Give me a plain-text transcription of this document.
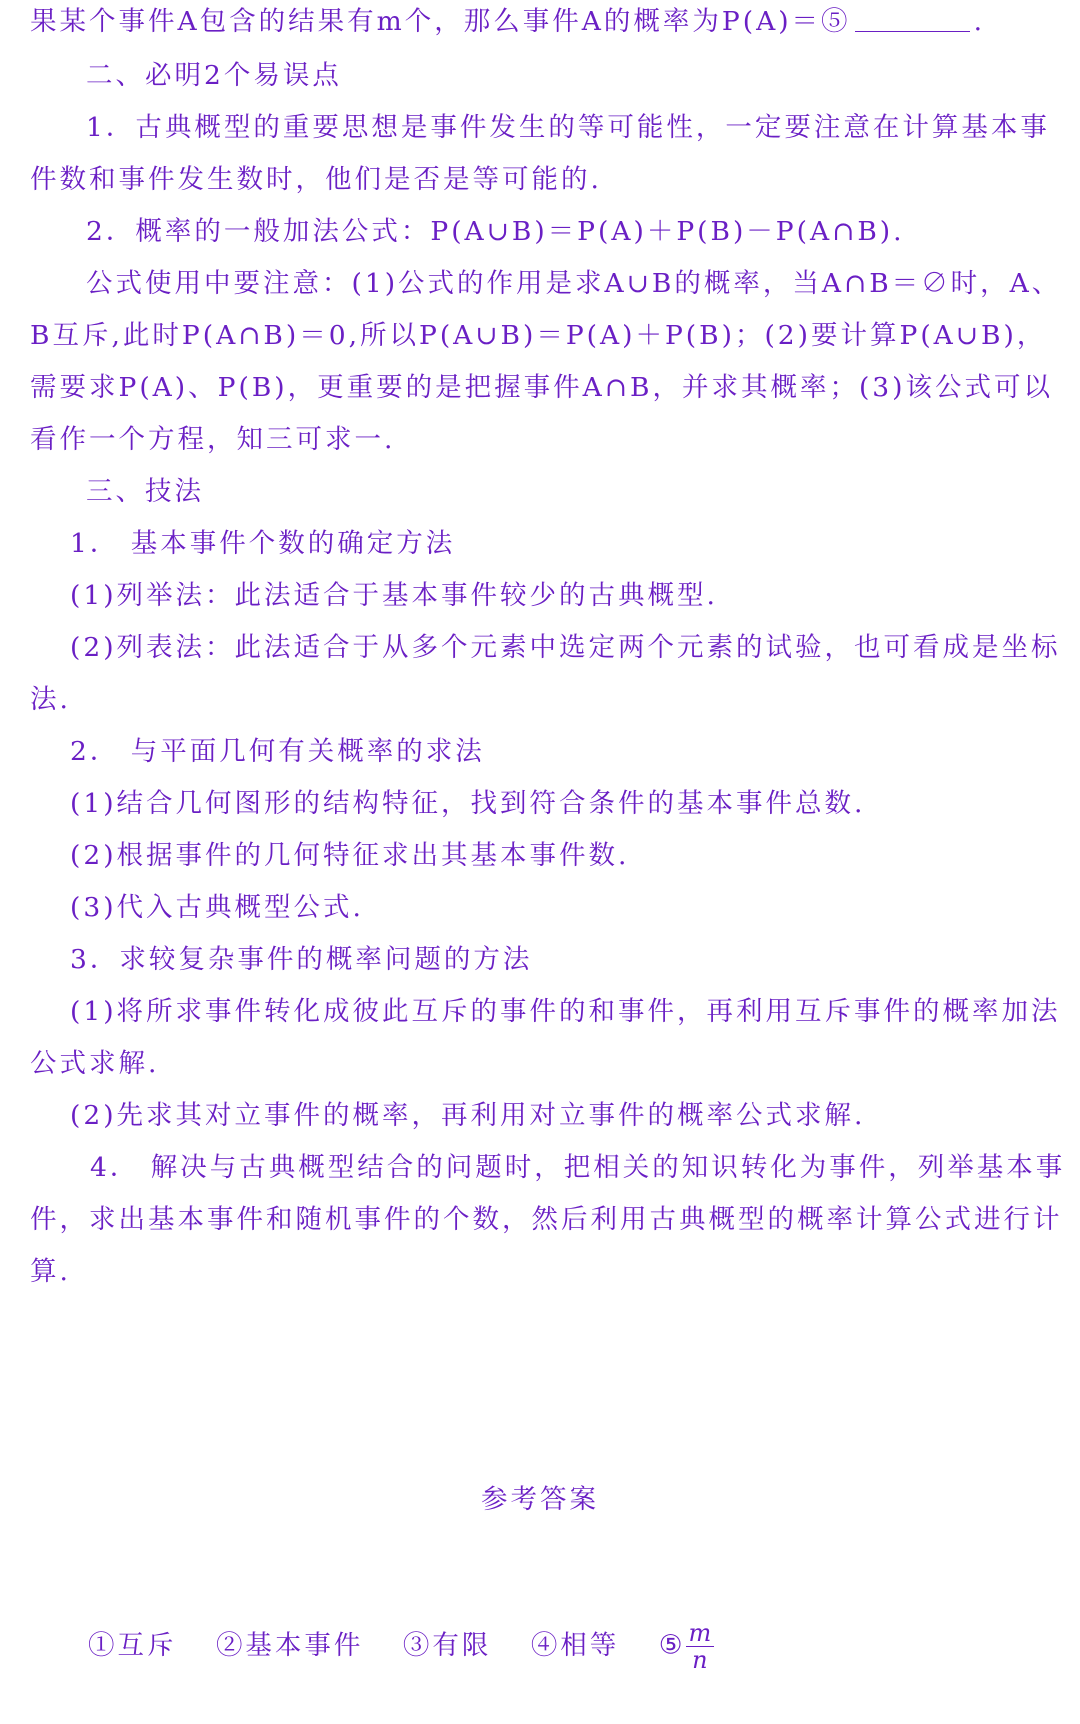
果某个事件A包含的结果有m个，那么事件A的概率为P(A)＝⑤	.
二、必明2个易误点
1．古典概型的重要思想是事件发生的等可能性，一定要注意在计算基本事
件数和事件发生数时，他们是否是等可能的.
2．概率的一般加法公式：P(A∪B)＝P(A)＋P(B)－P(A∩B).
公式使用中要注意：(1)公式的作用是求A∪B的概率，当A∩B＝∅时，A、
B互斥,此时P(A∩B)＝0,所以P(A∪B)＝P(A)＋P(B)；(2)要计算P(A∪B)，
需要求P(A)、P(B)，更重要的是把握事件A∩B，并求其概率；(3)该公式可以
看作一个方程，知三可求一.
三、技法
1． 基本事件个数的确定方法
(1)列举法：此法适合于基本事件较少的古典概型.
(2)列表法：此法适合于从多个元素中选定两个元素的试验，也可看成是坐标
法.
2． 与平面几何有关概率的求法
(1)结合几何图形的结构特征，找到符合条件的基本事件总数.
(2)根据事件的几何特征求出其基本事件数.
(3)代入古典概型公式.
3．求较复杂事件的概率问题的方法
(1)将所求事件转化成彼此互斥的事件的和事件，再利用互斥事件的概率加法
公式求解.
(2)先求其对立事件的概率，再利用对立事件的概率公式求解.
4． 解决与古典概型结合的问题时，把相关的知识转化为事件，列举基本事
件，求出基本事件和随机事件的个数，然后利用古典概型的概率计算公式进行计
算.
参考答案
①互斥 ②基本事件 ③有限 ④相等 ⑤ $\frac{m}{n}$
